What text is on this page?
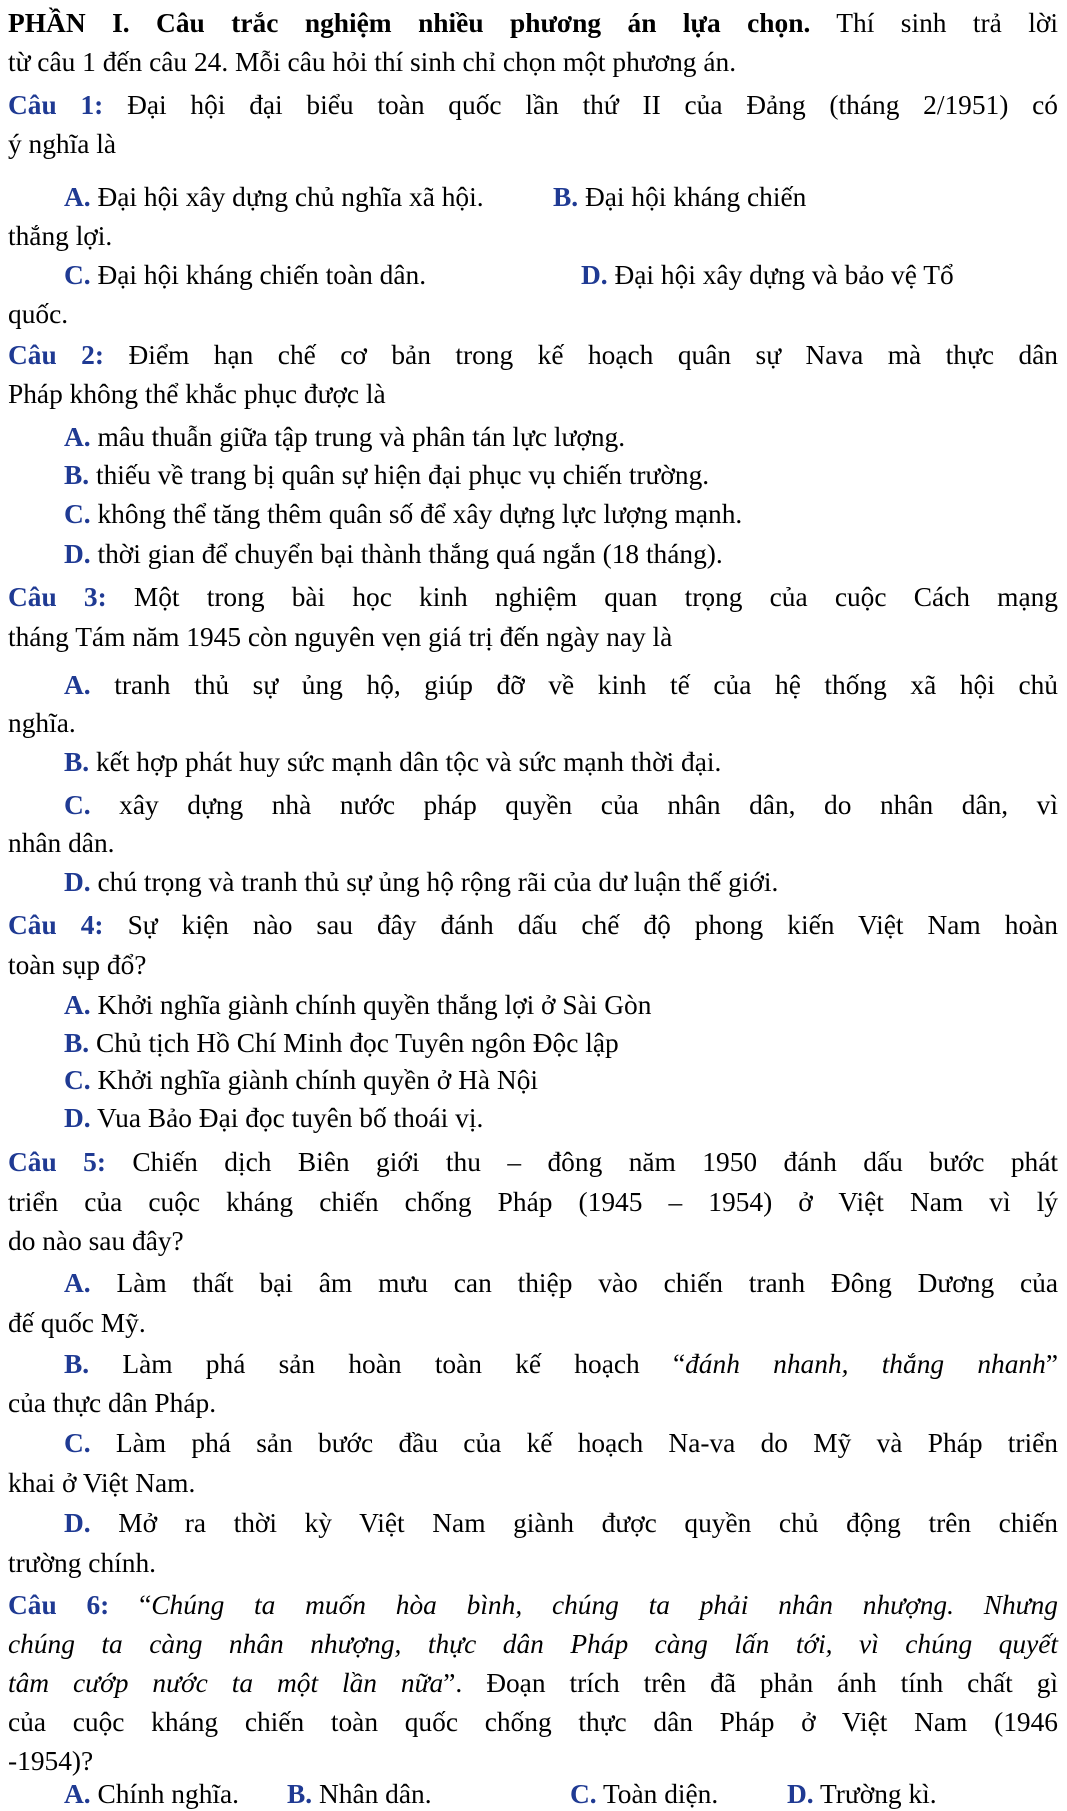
PHẦN I. Câu trắc nghiệm nhiều phương án lựa chọn. Thí sinh trả lời
từ câu 1 đến câu 24. Mỗi câu hỏi thí sinh chỉ chọn một phương án.
Câu 1: Đại hội đại biểu toàn quốc lần thứ II của Đảng (tháng 2/1951) có
ý nghĩa là
A. Đại hội xây dựng chủ nghĩa xã hội.	B. Đại hội kháng chiến
thắng lợi.
C. Đại hội kháng chiến toàn dân.	D. Đại hội xây dựng và bảo vệ Tổ
quốc.
Câu 2: Điểm hạn chế cơ bản trong kế hoạch quân sự Nava mà thực dân
Pháp không thể khắc phục được là
A. mâu thuẫn giữa tập trung và phân tán lực lượng.
B. thiếu về trang bị quân sự hiện đại phục vụ chiến trường.
C. không thể tăng thêm quân số để xây dựng lực lượng mạnh.
D. thời gian để chuyển bại thành thắng quá ngắn (18 tháng).
Câu 3: Một trong bài học kinh nghiệm quan trọng của cuộc Cách mạng
tháng Tám năm 1945 còn nguyên vẹn giá trị đến ngày nay là
A. tranh thủ sự ủng hộ, giúp đỡ về kinh tế của hệ thống xã hội chủ
nghĩa.
B. kết hợp phát huy sức mạnh dân tộc và sức mạnh thời đại.
C. xây dựng nhà nước pháp quyền của nhân dân, do nhân dân, vì
nhân dân.
D. chú trọng và tranh thủ sự ủng hộ rộng rãi của dư luận thế giới.
Câu 4: Sự kiện nào sau đây đánh dấu chế độ phong kiến Việt Nam hoàn
toàn sụp đổ?
A. Khởi nghĩa giành chính quyền thắng lợi ở Sài Gòn
B. Chủ tịch Hồ Chí Minh đọc Tuyên ngôn Độc lập
C. Khởi nghĩa giành chính quyền ở Hà Nội
D. Vua Bảo Đại đọc tuyên bố thoái vị.
Câu 5: Chiến dịch Biên giới thu – đông năm 1950 đánh dấu bước phát
triển của cuộc kháng chiến chống Pháp (1945 – 1954) ở Việt Nam vì lý
do nào sau đây?
A. Làm thất bại âm mưu can thiệp vào chiến tranh Đông Dương của
đế quốc Mỹ.
B. Làm phá sản hoàn toàn kế hoạch “đánh nhanh, thắng nhanh”
của thực dân Pháp.
C. Làm phá sản bước đầu của kế hoạch Na-va do Mỹ và Pháp triển
khai ở Việt Nam.
D. Mở ra thời kỳ Việt Nam giành được quyền chủ động trên chiến
trường chính.
Câu 6: “Chúng ta muốn hòa bình, chúng ta phải nhân nhượng. Nhưng
chúng ta càng nhân nhượng, thực dân Pháp càng lấn tới, vì chúng quyết
tâm cướp nước ta một lần nữa”. Đoạn trích trên đã phản ánh tính chất gì
của cuộc kháng chiến toàn quốc chống thực dân Pháp ở Việt Nam (1946
-1954)?
A. Chính nghĩa. B. Nhân dân.	C. Toàn diện.	D. Trường kì.
